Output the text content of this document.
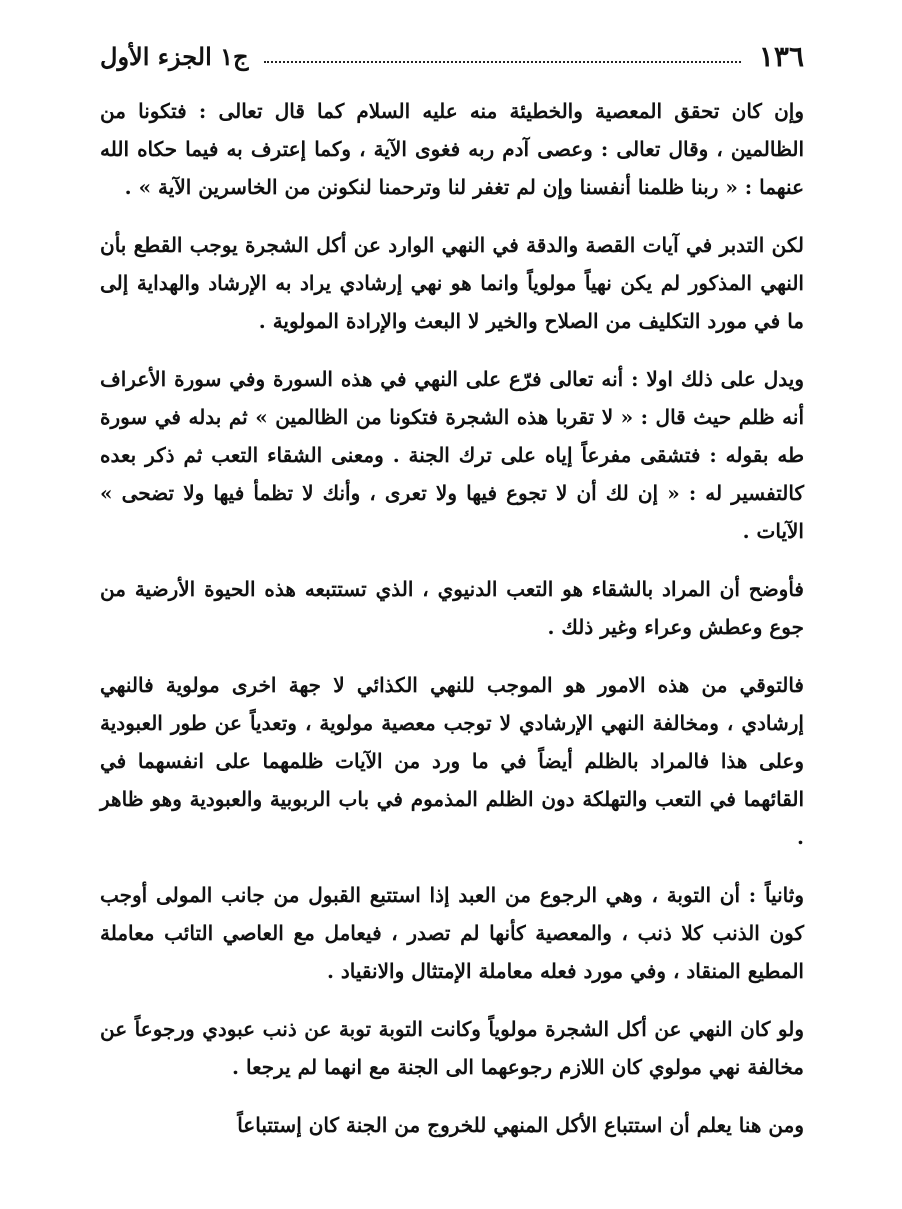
١٣٦
ج١ الجزء الأول

وإن كان تحقق المعصية والخطيئة منه عليه السلام كما قال تعالى : فتكونا من الظالمين ، وقال تعالى : وعصى آدم ربه فغوى الآية ، وكما إعترف به فيما حكاه الله عنهما : « ربنا ظلمنا أنفسنا وإن لم تغفر لنا وترحمنا لنكونن من الخاسرين الآية » .

لكن التدبر في آيات القصة والدقة في النهي الوارد عن أكل الشجرة يوجب القطع بأن النهي المذكور لم يكن نهياً مولوياً وانما هو نهي إرشادي يراد به الإرشاد والهداية إلى ما في مورد التكليف من الصلاح والخير لا البعث والإرادة المولوية .

ويدل على ذلك اولا : أنه تعالى فرّع على النهي في هذه السورة وفي سورة الأعراف أنه ظلم حيث قال : « لا تقربا هذه الشجرة فتكونا من الظالمين » ثم بدله في سورة طه بقوله : فتشقى مفرعاً إياه على ترك الجنة . ومعنى الشقاء التعب ثم ذكر بعده كالتفسير له : « إن لك أن لا تجوع فيها ولا تعرى ، وأنك لا تظمأ فيها ولا تضحى » الآيات .

فأوضح أن المراد بالشقاء هو التعب الدنيوي ، الذي تستتبعه هذه الحيوة الأرضية من جوع وعطش وعراء وغير ذلك .

فالتوقي من هذه الامور هو الموجب للنهي الكذائي لا جهة اخرى مولوية فالنهي إرشادي ، ومخالفة النهي الإرشادي لا توجب معصية مولوية ، وتعدياً عن طور العبودية وعلى هذا فالمراد بالظلم أيضاً في ما ورد من الآيات ظلمهما على انفسهما في القائهما في التعب والتهلكة دون الظلم المذموم في باب الربوبية والعبودية وهو ظاهر .

وثانياً : أن التوبة ، وهي الرجوع من العبد إذا استتبع القبول من جانب المولى أوجب كون الذنب كلا ذنب ، والمعصية كأنها لم تصدر ، فيعامل مع العاصي التائب معاملة المطيع المنقاد ، وفي مورد فعله معاملة الإمتثال والانقياد .

ولو كان النهي عن أكل الشجرة مولوياً وكانت التوبة توبة عن ذنب عبودي ورجوعاً عن مخالفة نهي مولوي كان اللازم رجوعهما الى الجنة مع انهما لم يرجعا .

ومن هنا يعلم أن استتباع الأكل المنهي للخروج من الجنة كان إستتباعاً
